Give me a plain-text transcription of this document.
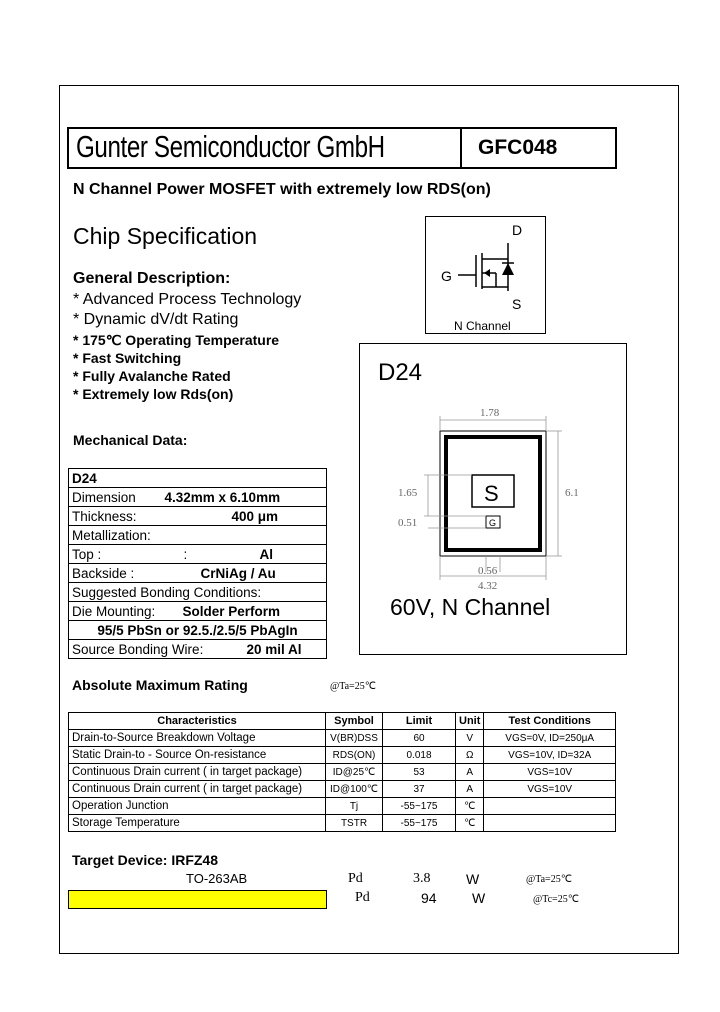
Gunter Semiconductor GmbH	GFC048
N Channel Power MOSFET with extremely low RDS(on)
Chip Specification
General Description:
* Advanced Process Technology
* Dynamic dV/dt Rating
* 175℃ Operating Temperature
* Fast Switching
* Fully Avalanche Rated
* Extremely low Rds(on)
D
G
S
N Channel
D24
S
G
1.78
6.1
1.65
0.51
0.56
4.32
60V, N Channel
Mechanical Data:
D24
Dimension 4.32mm x 6.10mm

Thickness:	400 μm

Metallization:
Top :	:	Al

Backside :	CrNiAg / Au

Suggested Bonding Conditions:
Die Mounting: Solder Perform

95/5 PbSn or 92.5./2.5/5 PbAgIn
Source Bonding Wire:	20 mil Al
Absolute Maximum Rating	@Ta=25℃
Characteristics	Symbol	Limit	Unit	Test Conditions
Drain-to-Source Breakdown Voltage	V(BR)DSS	60	V	VGS=0V, ID=250μA
Static Drain-to - Source On-resistance	RDS(ON)	0.018	Ω	VGS=10V, ID=32A
Continuous Drain current ( in target package)	ID@25℃	53	A	VGS=10V
Continuous Drain current ( in target package)	ID@100℃	37	A	VGS=10V
Operation Junction	Tj	-55~175	℃	
Storage Temperature	TSTR	-55~175	℃	
Target Device: IRFZ48
TO-263AB	Pd	3.8	W	@Ta=25℃
Pd	94	W	@Tc=25℃
